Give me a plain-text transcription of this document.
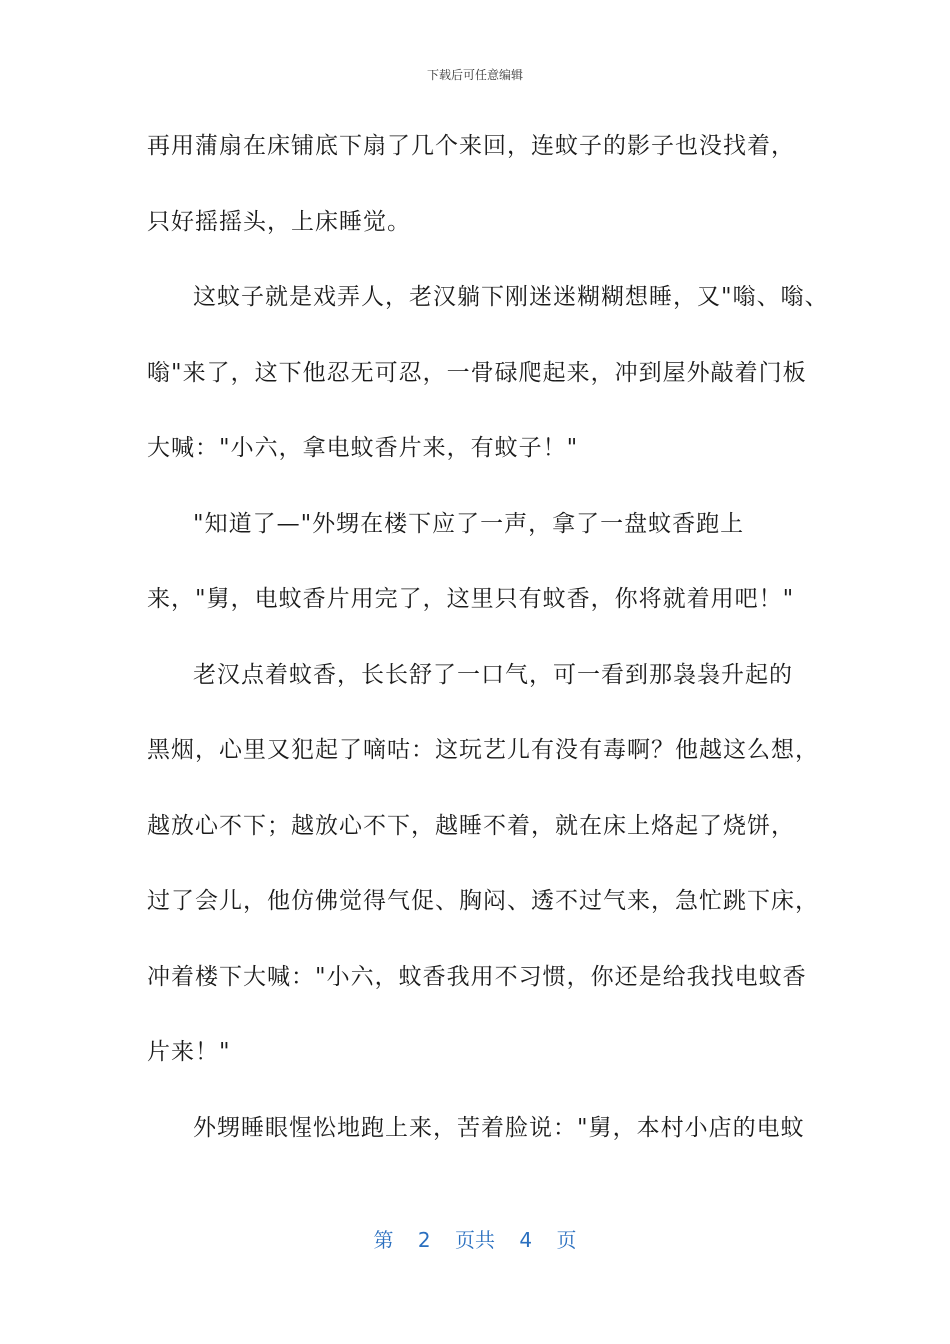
下载后可任意编辑
再用蒲扇在床铺底下扇了几个来回，连蚊子的影子也没找着，
只好摇摇头，上床睡觉。
这蚊子就是戏弄人，老汉躺下刚迷迷糊糊想睡，又"嗡、嗡、
嗡"来了，这下他忍无可忍，一骨碌爬起来，冲到屋外敲着门板
大喊："小六，拿电蚊香片来，有蚊子！"
"知道了—"外甥在楼下应了一声，拿了一盘蚊香跑上
来，"舅，电蚊香片用完了，这里只有蚊香，你将就着用吧！"
老汉点着蚊香，长长舒了一口气，可一看到那袅袅升起的
黑烟，心里又犯起了嘀咕：这玩艺儿有没有毒啊？他越这么想，
越放心不下；越放心不下，越睡不着，就在床上烙起了烧饼，
过了会儿，他仿佛觉得气促、胸闷、透不过气来，急忙跳下床，
冲着楼下大喊："小六，蚊香我用不习惯，你还是给我找电蚊香
片来！"
外甥睡眼惺忪地跑上来，苦着脸说："舅，本村小店的电蚊
第 2 页共 4 页
